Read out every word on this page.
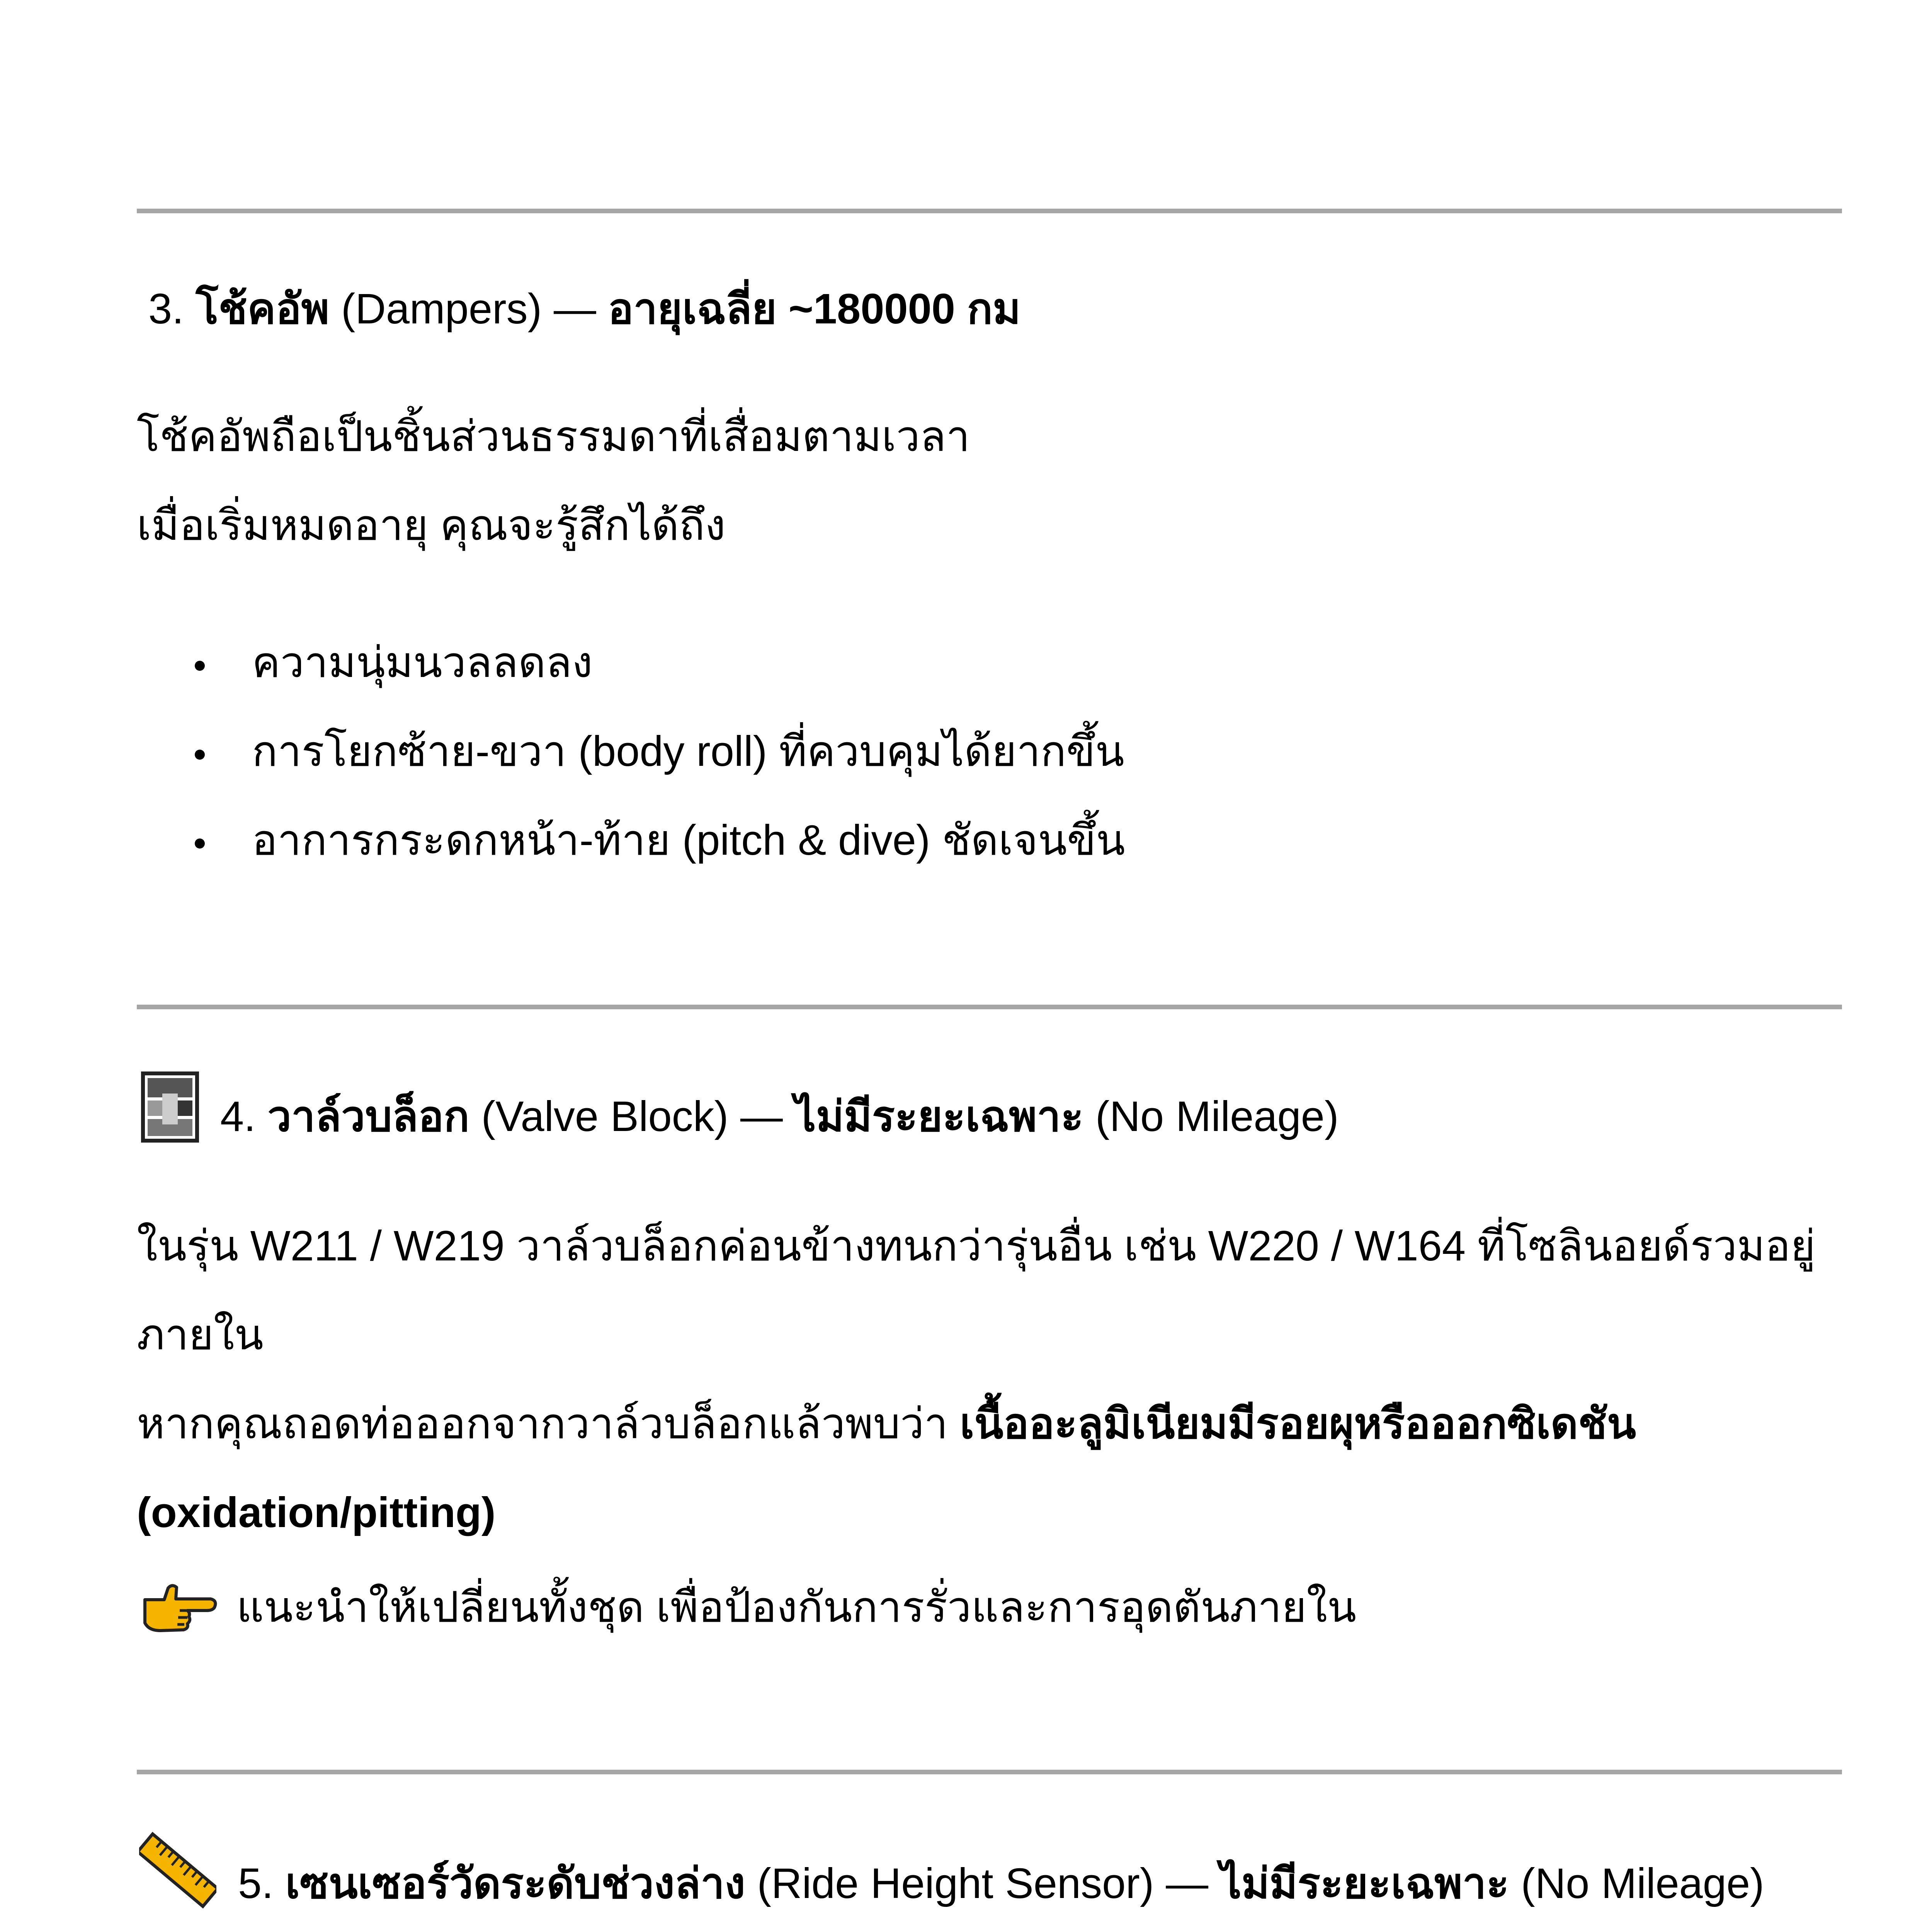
3. โช้คอัพ (Dampers) — อายุเฉลี่ย ~180000 กม
โช้คอัพถือเป็นชิ้นส่วนธรรมดาที่เสื่อมตามเวลา
เมื่อเริ่มหมดอายุ คุณจะรู้สึกได้ถึง
ความนุ่มนวลลดลง
การโยกซ้าย-ขวา (body roll) ที่ควบคุมได้ยากขึ้น
อาการกระดกหน้า-ท้าย (pitch & dive) ชัดเจนขึ้น
4. วาล์วบล็อก (Valve Block) — ไม่มีระยะเฉพาะ (No Mileage)
ในรุ่น W211 / W219 วาล์วบล็อกค่อนข้างทนกว่ารุ่นอื่น เช่น W220 / W164 ที่โซลินอยด์รวมอยู่
ภายใน
หากคุณถอดท่อออกจากวาล์วบล็อกแล้วพบว่า เนื้ออะลูมิเนียมมีรอยผุหรือออกซิเดชัน
(oxidation/pitting)
แนะนำให้เปลี่ยนทั้งชุด เพื่อป้องกันการรั่วและการอุดตันภายใน
5. เซนเซอร์วัดระดับช่วงล่าง (Ride Height Sensor) — ไม่มีระยะเฉพาะ (No Mileage)
